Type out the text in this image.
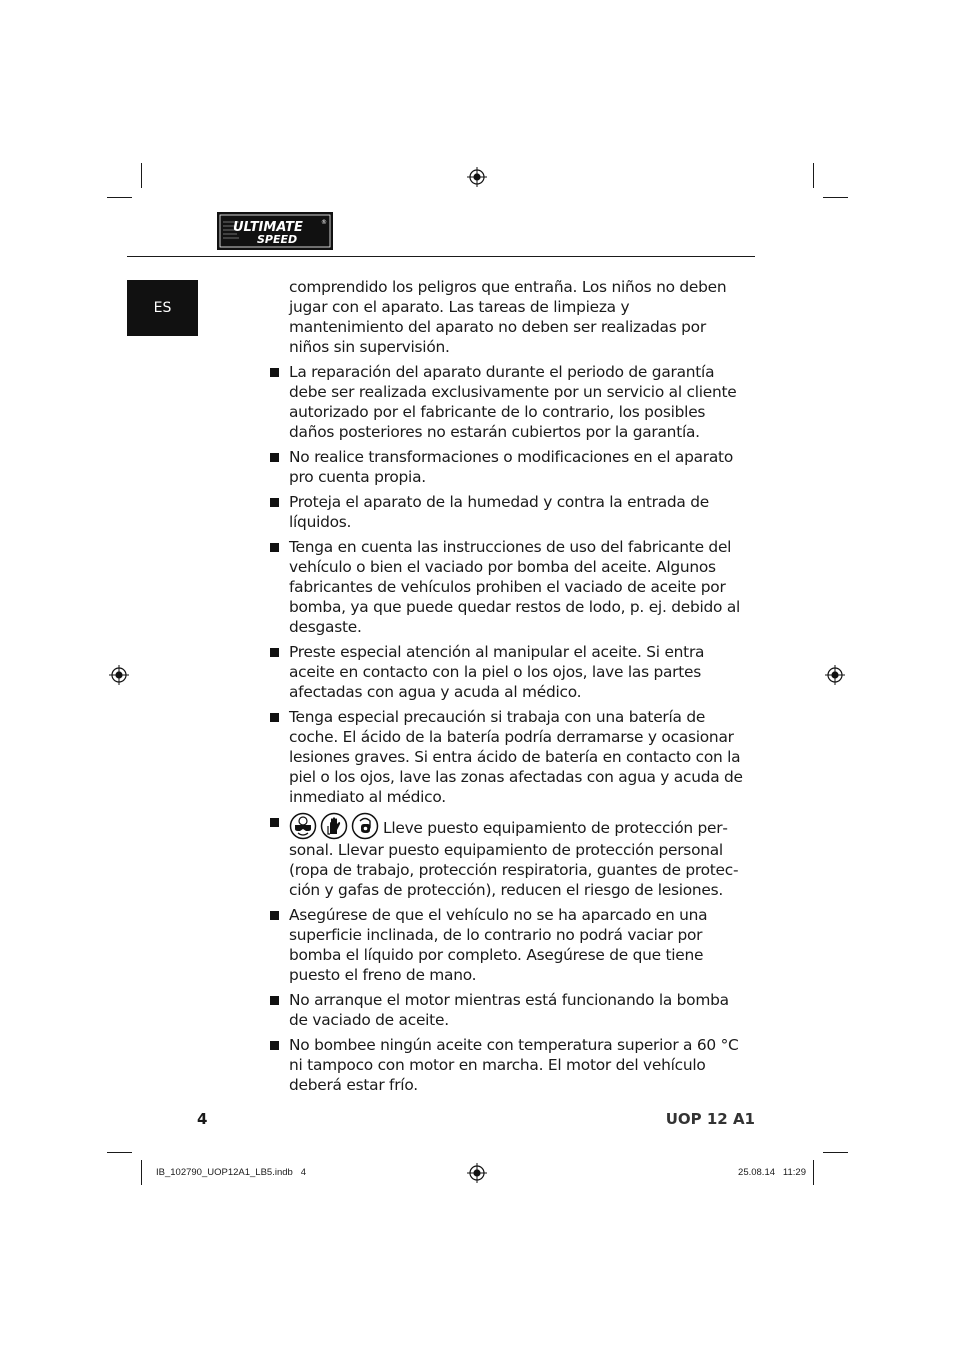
ULTIMATE
SPEED
®
ES

comprendido los peligros que entraña. Los niños no deben jugar con el aparato. Las tareas de limpieza y mantenimiento del aparato no deben ser realizadas por niños sin supervisión.

La reparación del aparato durante el periodo de garantía debe ser realizada exclusivamente por un servicio al cliente autorizado por el fabricante de lo contrario, los posibles daños posteriores no estarán cubiertos por la garantía.
No realice transformaciones o modificaciones en el aparato pro cuenta propia.
Proteja el aparato de la humedad y contra la entrada de líquidos.
Tenga en cuenta las instrucciones de uso del fabricante del vehículo o bien el vaciado por bomba del aceite. Algunos fabricantes de vehículos prohiben el vaciado de aceite por bomba, ya que puede quedar restos de lodo, p. ej. debido al desgaste.
Preste especial atención al manipular el aceite. Si entra aceite en contacto con la piel o los ojos, lave las partes afectadas con agua y acuda al médico.
Tenga especial precaución si trabaja con una batería de coche. El ácido de la batería podría derramarse y ocasionar lesiones graves. Si entra ácido de batería en contacto con la piel o los ojos, lave las zonas afectadas con agua y acuda de inmediato al médico.
Lleve puesto equipamiento de protección personal. Llevar puesto equipamiento de protección personal (ropa de trabajo, protección respiratoria, guantes de protección y gafas de protección), reducen el riesgo de lesiones.
Asegúrese de que el vehículo no se ha aparcado en una superficie inclinada, de lo contrario no podrá vaciar por bomba el líquido por completo. Asegúrese de que tiene puesto el freno de mano.
No arranque el motor mientras está funcionando la bomba de vaciado de aceite.
No bombee ningún aceite con temperatura superior a 60 °C ni tampoco con motor en marcha. El motor del vehículo deberá estar frío.
4	UOP 12 A1
IB_102790_UOP12A1_LB5.indb   4	25.08.14   11:29
